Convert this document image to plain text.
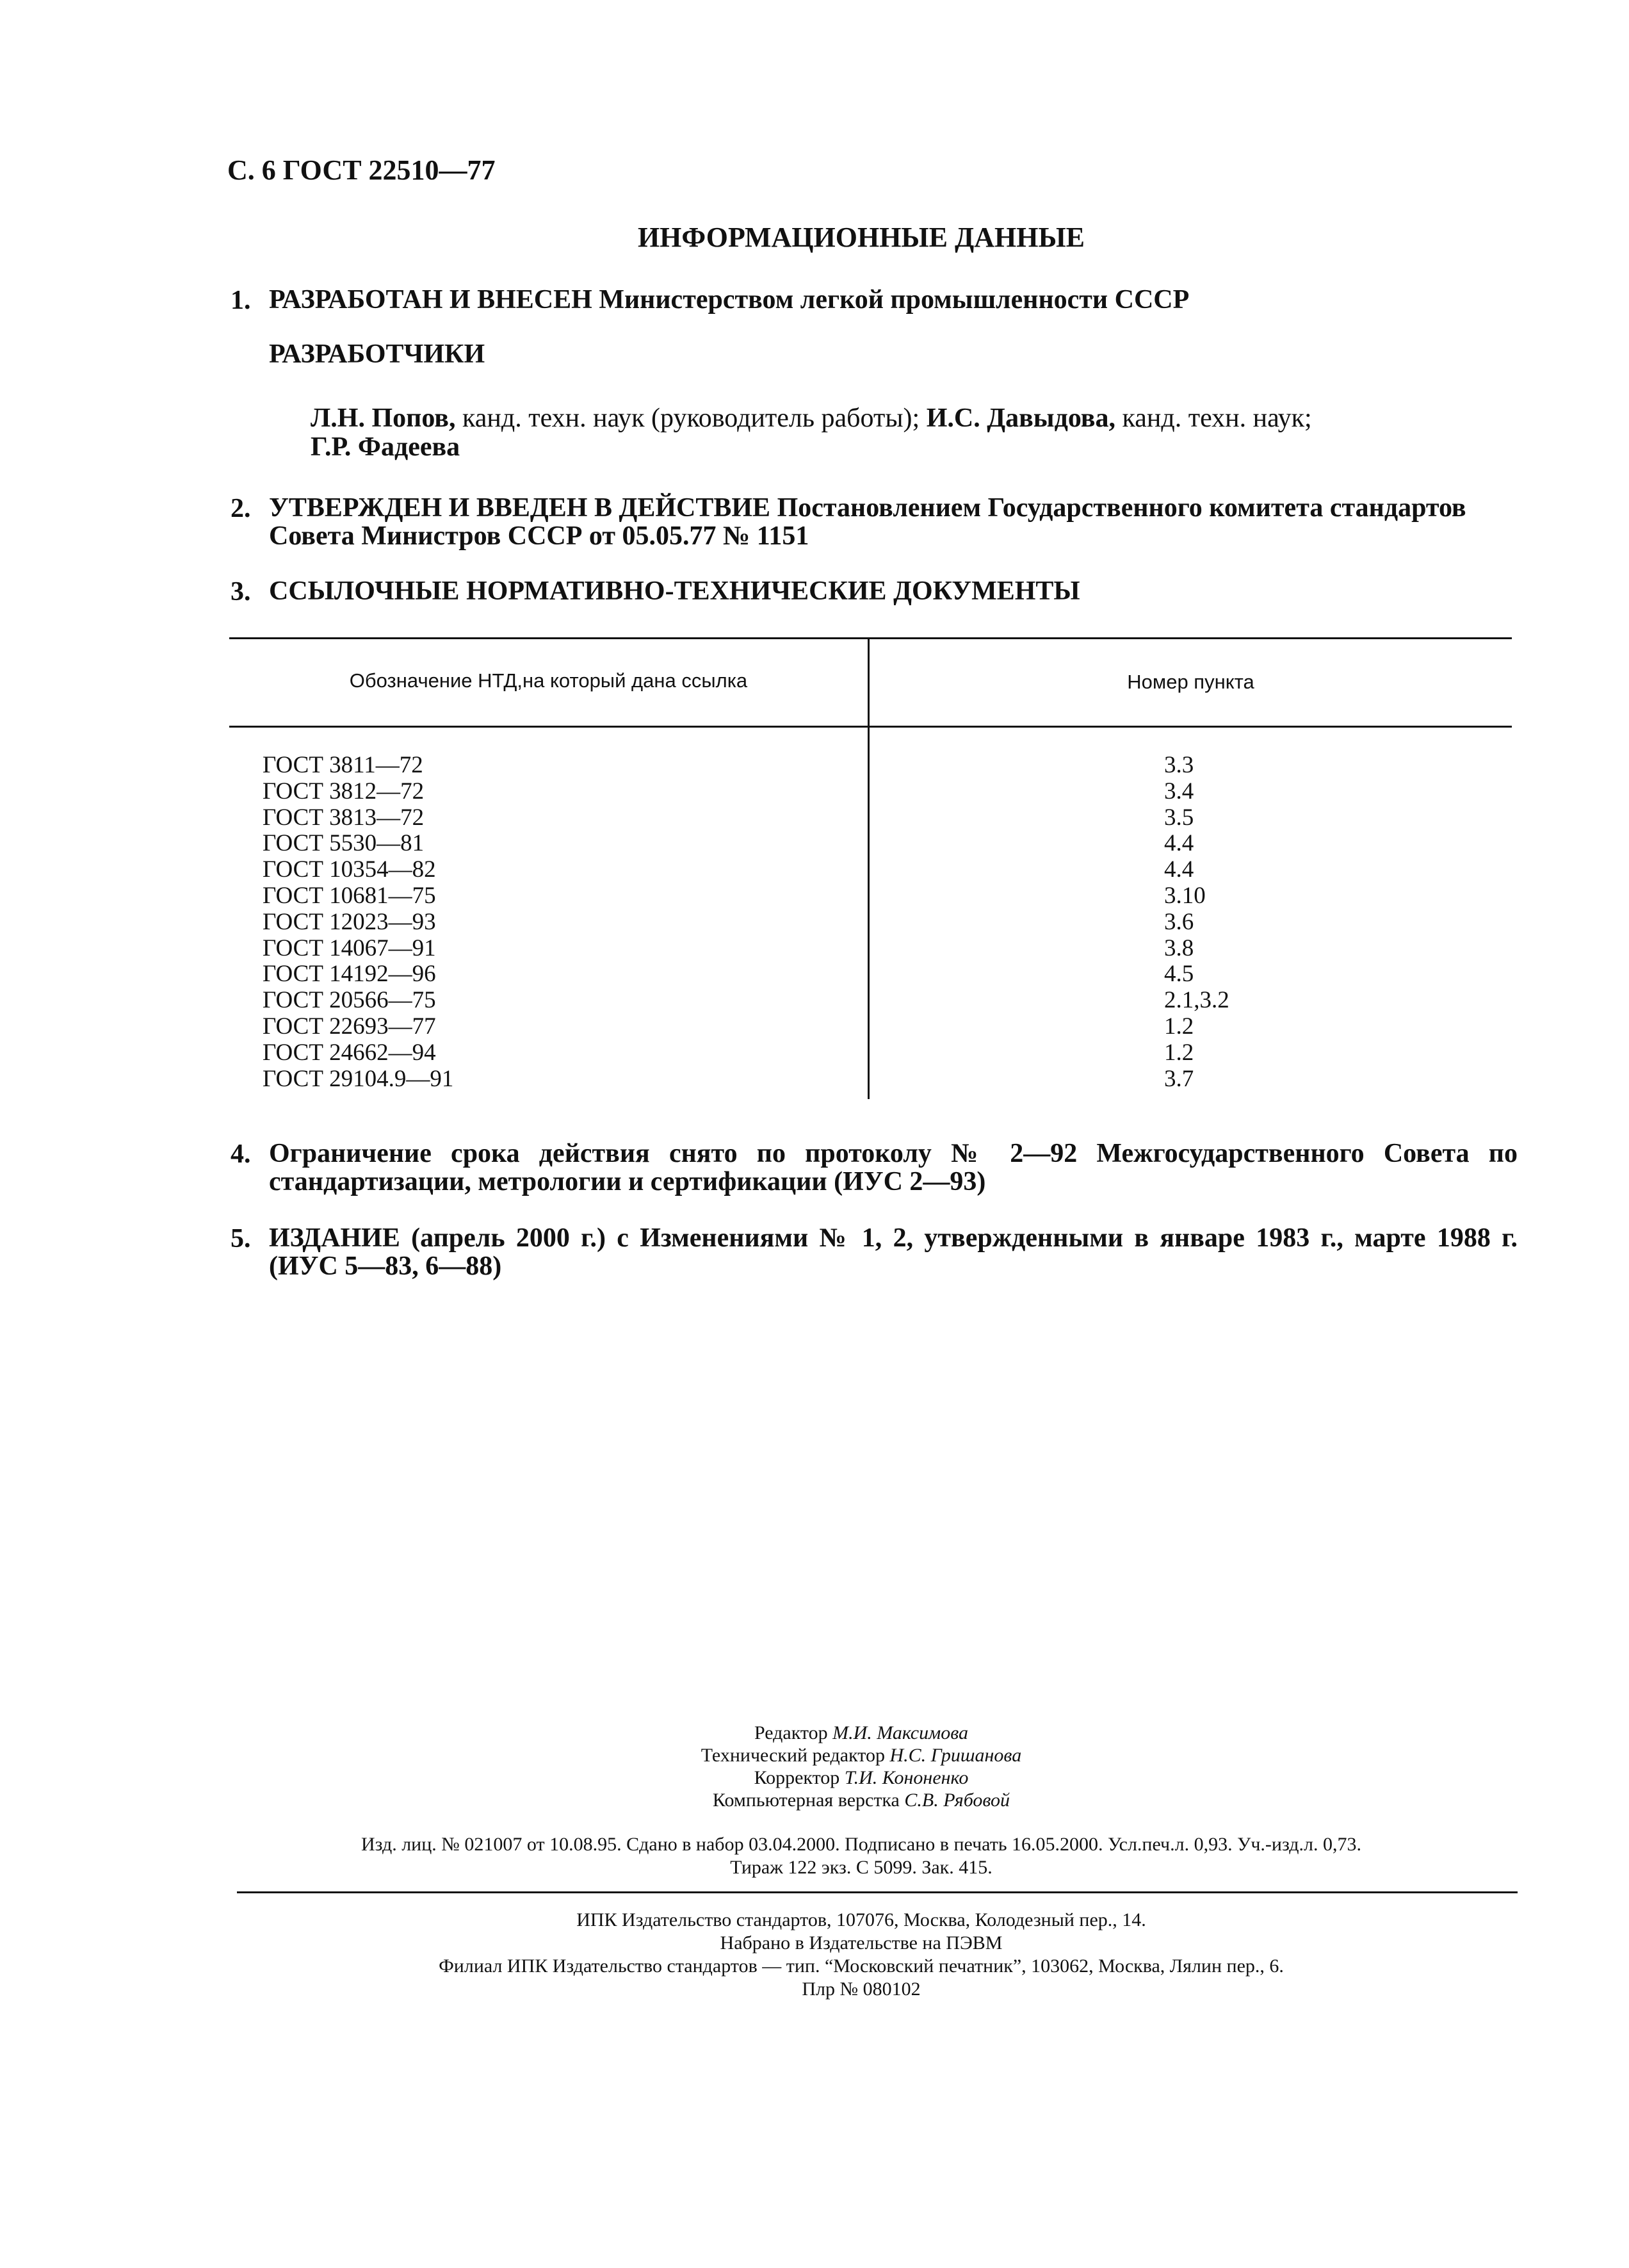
С. 6 ГОСТ 22510—77
ИНФОРМАЦИОННЫЕ ДАННЫЕ
1. РАЗРАБОТАН И ВНЕСЕН Министерством легкой промышленности СССР
РАЗРАБОТЧИКИ
Л.Н. Попов, канд. техн. наук (руководитель работы); И.С. Давыдова, канд. техн. наук;
Г.Р. Фадеева
2. УТВЕРЖДЕН И ВВЕДЕН В ДЕЙСТВИЕ Постановлением Государственного комитета стандартов
Совета Министров СССР от 05.05.77 № 1151
3. ССЫЛОЧНЫЕ НОРМАТИВНО-ТЕХНИЧЕСКИЕ ДОКУМЕНТЫ
Обозначение НТД,на который дана ссылка	Номер пункта
ГОСТ 3811—72
ГОСТ 3812—72
ГОСТ 3813—72
ГОСТ 5530—81
ГОСТ 10354—82
ГОСТ 10681—75
ГОСТ 12023—93
ГОСТ 14067—91
ГОСТ 14192—96
ГОСТ 20566—75
ГОСТ 22693—77
ГОСТ 24662—94
ГОСТ 29104.9—91
3.3
3.4
3.5
4.4
4.4
3.10
3.6
3.8
4.5
2.1,3.2
1.2
1.2
3.7
4. Ограничение срока действия снято по протоколу № 2—92 Межгосударственного Совета по
стандартизации, метрологии и сертификации (ИУС 2—93)
5. ИЗДАНИЕ (апрель 2000 г.) с Изменениями № 1, 2, утвержденными в январе 1983 г., марте 1988 г.
(ИУС 5—83, 6—88)
Редактор М.И. Максимова
Технический редактор Н.С. Гришанова
Корректор Т.И. Кононенко
Компьютерная верстка С.В. Рябовой
Изд. лиц. № 021007 от 10.08.95. Сдано в набор 03.04.2000. Подписано в печать 16.05.2000. Усл.печ.л. 0,93. Уч.-изд.л. 0,73.
Тираж 122 экз. С 5099. Зак. 415.
ИПК Издательство стандартов, 107076, Москва, Колодезный пер., 14.
Набрано в Издательстве на ПЭВМ
Филиал ИПК Издательство стандартов — тип. “Московский печатник”, 103062, Москва, Лялин пер., 6.
Плр № 080102
